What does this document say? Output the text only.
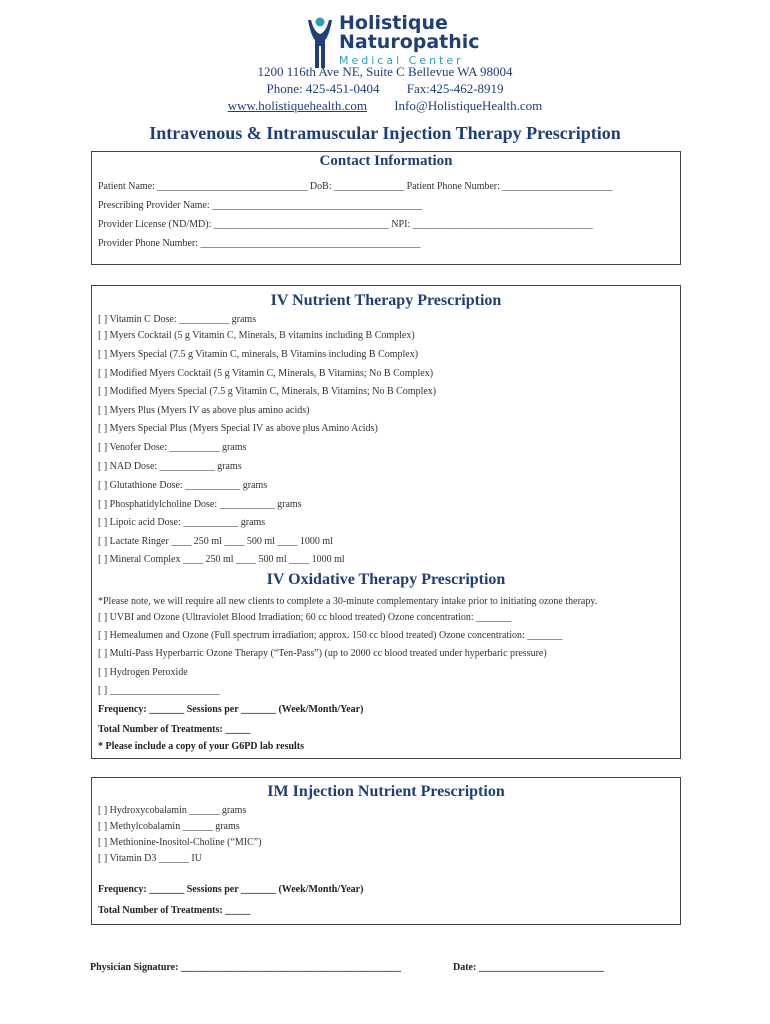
Holistique
Naturopathic
Medical Center
1200 116th Ave NE, Suite C Bellevue WA 98004
Phone: 425-451-0404 Fax:425-462-8919
www.holistiquehealth.com Info@HolistiqueHealth.com
Intravenous & Intramuscular Injection Therapy Prescription
Contact Information
Patient Name: ______________________________ DoB: ______________ Patient Phone Number: ______________________
Prescribing Provider Name: __________________________________________
Provider License (ND/MD): ___________________________________ NPI: ____________________________________
Provider Phone Number: ____________________________________________
IV Nutrient Therapy Prescription
[ ] Vitamin C Dose: __________ grams
[ ] Myers Cocktail (5 g Vitamin C, Minerals, B vitamins including B Complex)
[ ] Myers Special (7.5 g Vitamin C, minerals, B Vitamins including B Complex)
[ ] Modified Myers Cocktail (5 g Vitamin C, Minerals, B Vitamins; No B Complex)
[ ] Modified Myers Special (7.5 g Vitamin C, Minerals, B Vitamins; No B Complex)
[ ] Myers Plus (Myers IV as above plus amino acids)
[ ] Myers Special Plus (Myers Special IV as above plus Amino Acids)
[ ] Venofer Dose: __________ grams
[ ] NAD Dose: ___________ grams
[ ] Glutathione Dose: ___________ grams
[ ] Phosphatidylcholine Dose: ___________ grams
[ ] Lipoic acid Dose: ___________ grams
[ ] Lactate Ringer ____ 250 ml ____ 500 ml ____ 1000 ml
[ ] Mineral Complex ____ 250 ml ____ 500 ml ____ 1000 ml
IV Oxidative Therapy Prescription
*Please note, we will require all new clients to complete a 30-minute complementary intake prior to initiating ozone therapy.
[ ] UVBI and Ozone (Ultraviolet Blood Irradiation; 60 cc blood treated) Ozone concentration: _______
[ ] Hemealumen and Ozone (Full spectrum irradiation; approx. 150 cc blood treated) Ozone concentration: _______
[ ] Multi-Pass Hyperbarric Ozone Therapy (“Ten-Pass”) (up to 2000 cc blood treated under hyperbaric pressure)
[ ] Hydrogen Peroxide
[ ] ______________________
Frequency: _______ Sessions per _______ (Week/Month/Year)
Total Number of Treatments: _____
* Please include a copy of your G6PD lab results
IM Injection Nutrient Prescription
[ ] Hydroxycobalamin ______ grams
[ ] Methylcobalamin ______ grams
[ ] Methionine-Inositol-Choline (“MIC”)
[ ] Vitamin D3 ______ IU
Frequency: _______ Sessions per _______ (Week/Month/Year)
Total Number of Treatments: _____
Physician Signature: ____________________________________________	Date: _________________________
